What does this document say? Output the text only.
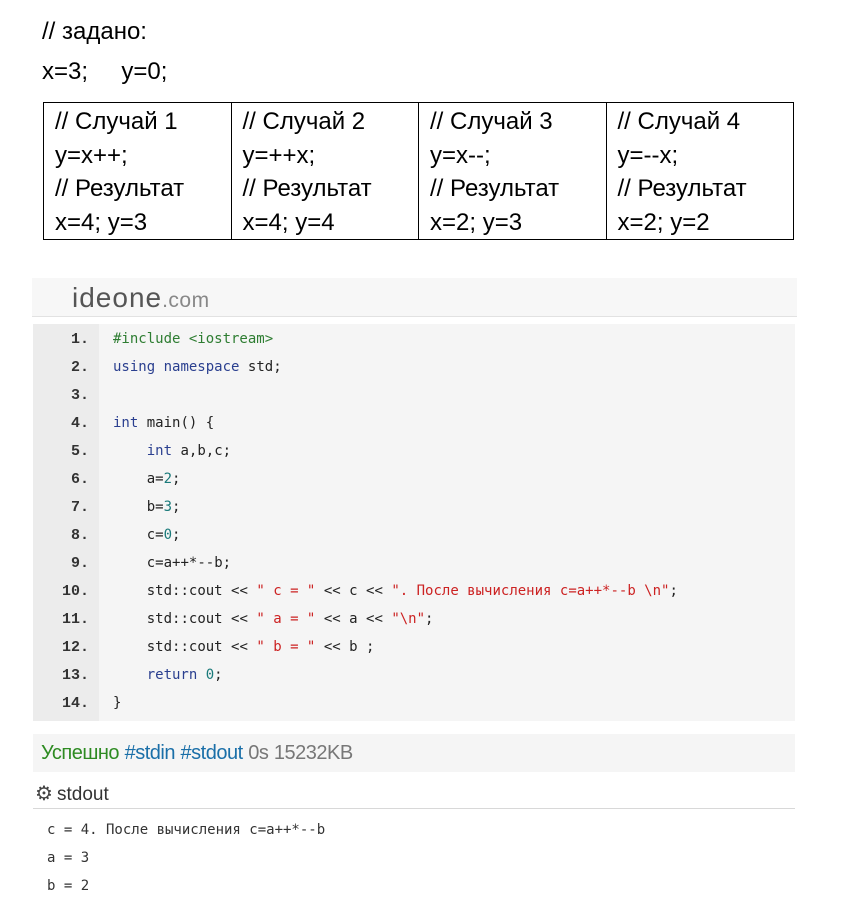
// задано:
x=3;     y=0;
// Случай 1
y=x++;
// Результат
x=4; y=3

// Случай 2
y=++x;
// Результат
x=4; y=4

// Случай 3
y=x--;
// Результат
x=2; y=3

// Случай 4
y=--x;
// Результат
x=2; y=2
ideone.com
1. #include <iostream>
2. using namespace std;
3.
4. int main() {
5.	int a,b,c;
6.	a=2;
7.	b=3;
8.	c=0;
9.	c=a++*--b;
10.	std::cout << " c = " << c << ". После вычисления c=a++*--b \n";
11.	std::cout << " a = " << a << "\n";
12.	std::cout << " b = " << b ;
13.	return 0;
14. }
Успешно #stdin #stdout 0s 15232KB
⚙ stdout
c = 4. После вычисления c=a++*--b
a = 3
b = 2
